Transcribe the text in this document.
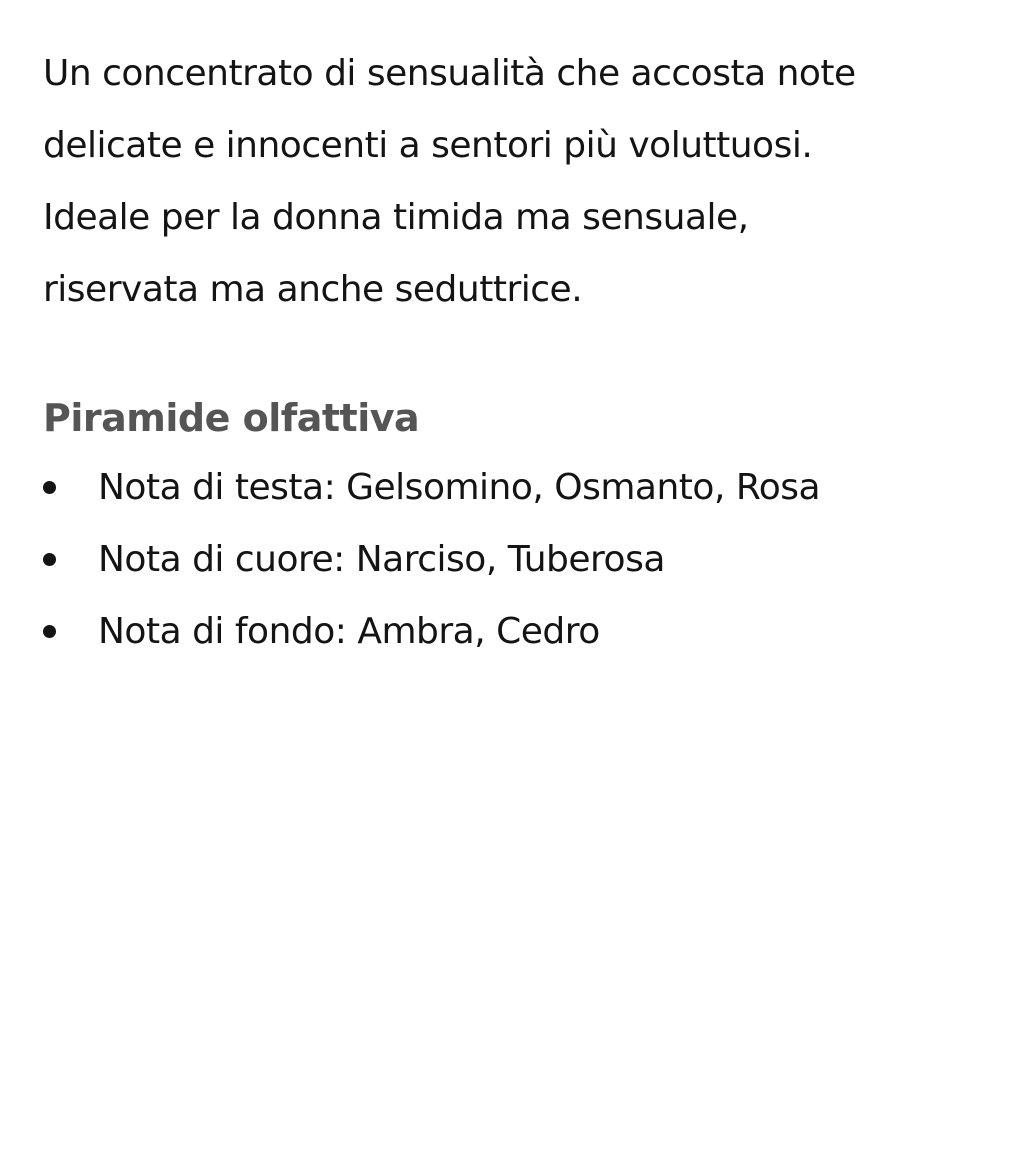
Un concentrato di sensualità che accosta note
delicate e innocenti a sentori più voluttuosi.
Ideale per la donna timida ma sensuale,
riservata ma anche seduttrice.

Piramide olfattiva
Nota di testa: Gelsomino, Osmanto, Rosa
Nota di cuore: Narciso, Tuberosa
Nota di fondo: Ambra, Cedro
